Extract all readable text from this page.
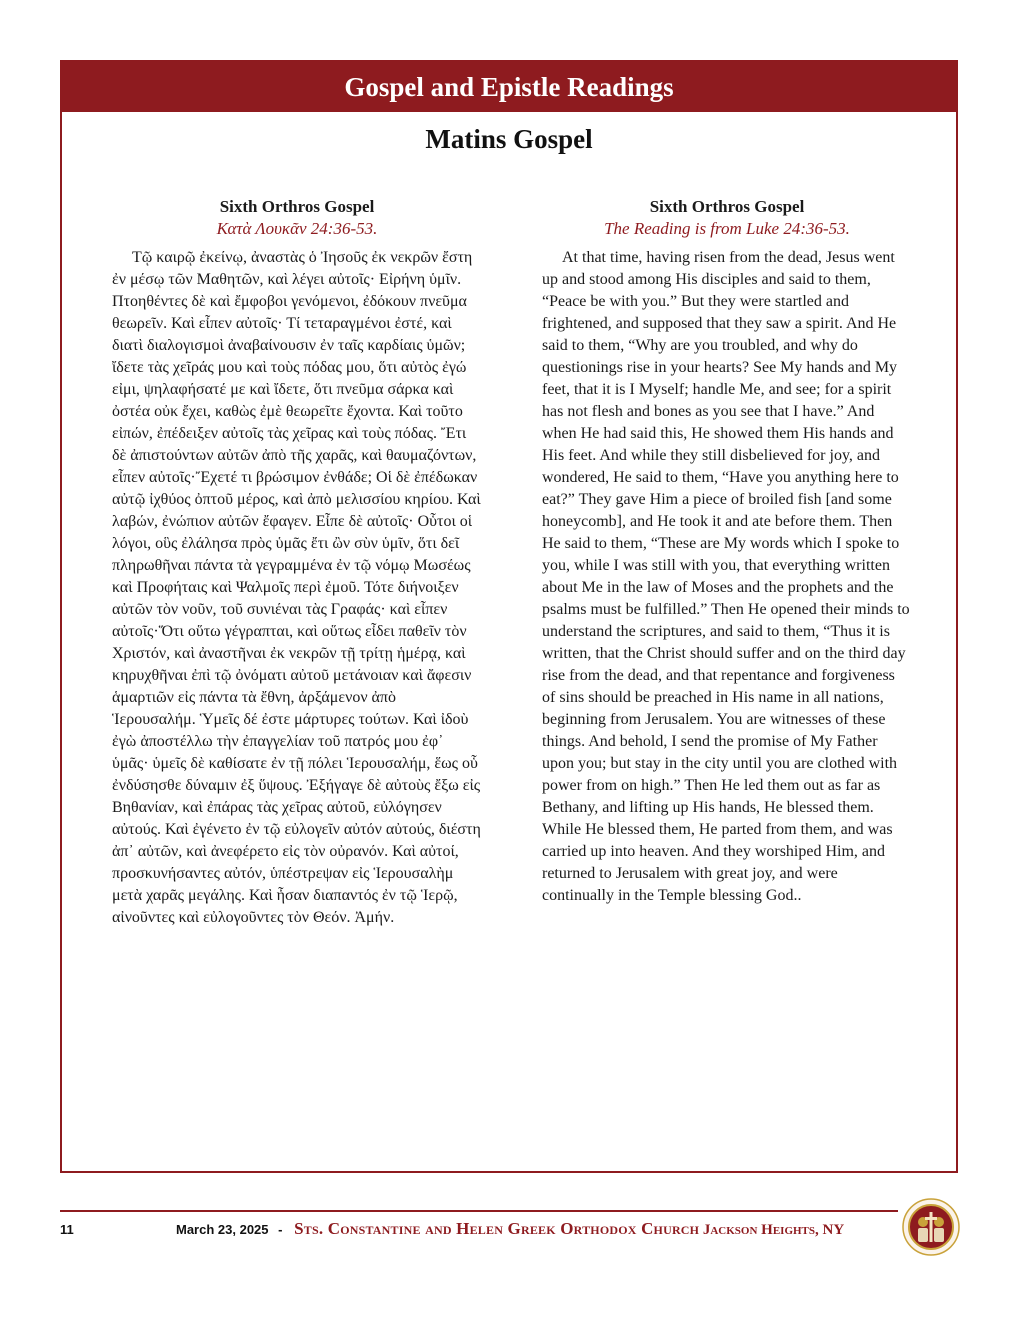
Gospel and Epistle Readings
Matins Gospel
Sixth Orthros Gospel
Κατὰ Λουκᾶν 24:36-53.

Τῷ καιρῷ ἐκείνῳ, ἀναστὰς ὁ Ἰησοῦς ἐκ νεκρῶν ἔστη ἐν μέσῳ τῶν Μαθητῶν, καὶ λέγει αὐτοῖς· Εἰρήνη ὑμῖν. Πτοηθέντες δὲ καὶ ἔμφοβοι γενόμενοι, ἐδόκουν πνεῦμα θεωρεῖν. Καὶ εἶπεν αὐτοῖς· Τί τεταραγμένοι ἐστέ, καὶ διατὶ διαλογισμοὶ ἀναβαίνουσιν ἐν ταῖς καρδίαις ὑμῶν; ἴδετε τὰς χεῖράς μου καὶ τοὺς πόδας μου, ὅτι αὐτὸς ἐγώ εἰμι, ψηλαφήσατέ με καὶ ἴδετε, ὅτι πνεῦμα σάρκα καὶ ὀστέα οὐκ ἔχει, καθὼς ἐμὲ θεωρεῖτε ἔχοντα. Καὶ τοῦτο εἰπών, ἐπέδειξεν αὐτοῖς τὰς χεῖρας καὶ τοὺς πόδας. Ἔτι δὲ ἀπιστούντων αὐτῶν ἀπὸ τῆς χαρᾶς, καὶ θαυμαζόντων, εἶπεν αὐτοῖς·Ἔχετέ τι βρώσιμον ἐνθάδε; Οἱ δὲ ἐπέδωκαν αὐτῷ ἰχθύος ὀπτοῦ μέρος, καὶ ἀπὸ μελισσίου κηρίου. Καὶ λαβών, ἐνώπιον αὐτῶν ἔφαγεν. Εἶπε δὲ αὐτοῖς· Οὗτοι οἱ λόγοι, οὓς ἐλάλησα πρὸς ὑμᾶς ἔτι ὢν σὺν ὑμῖν, ὅτι δεῖ πληρωθῆναι πάντα τὰ γεγραμμένα ἐν τῷ νόμῳ Μωσέως καὶ Προφήταις καὶ Ψαλμοῖς περὶ ἐμοῦ. Τότε διήνοιξεν αὐτῶν τὸν νοῦν, τοῦ συνιέναι τὰς Γραφάς· καὶ εἶπεν αὐτοῖς·Ὅτι οὕτω γέγραπται, καὶ οὕτως εἶδει παθεῖν τὸν Χριστόν, καὶ ἀναστῆναι ἐκ νεκρῶν τῇ τρίτῃ ἡμέρᾳ, καὶ κηρυχθῆναι ἐπὶ τῷ ὀνόματι αὐτοῦ μετάνοιαν καὶ ἄφεσιν ἁμαρτιῶν εἰς πάντα τὰ ἔθνη, ἀρξάμενον ἀπὸ Ἱερουσαλήμ. Ὑμεῖς δέ ἐστε μάρτυρες τούτων. Καὶ ἰδοὺ ἐγὼ ἀποστέλλω τὴν ἐπαγγελίαν τοῦ πατρός μου ἐφ᾽ ὑμᾶς· ὑμεῖς δὲ καθίσατε ἐν τῇ πόλει Ἱερουσαλήμ, ἕως οὗ ἐνδύσησθε δύναμιν ἐξ ὕψους. Ἐξήγαγε δὲ αὐτοὺς ἔξω εἰς Βηθανίαν, καὶ ἐπάρας τὰς χεῖρας αὐτοῦ, εὐλόγησεν αὐτούς. Καὶ ἐγένετο ἐν τῷ εὐλογεῖν αὐτόν αὐτούς, διέστη ἀπ᾽ αὐτῶν, καὶ ἀνεφέρετο εἰς τὸν οὐρανόν. Καὶ αὐτοί, προσκυνήσαντες αὐτόν, ὑπέστρεψαν εἰς Ἱερουσαλὴμ μετὰ χαρᾶς μεγάλης. Καὶ ἦσαν διαπαντός ἐν τῷ Ἱερῷ, αἰνοῦντες καὶ εὐλογοῦντες τὸν Θεόν. Ἀμήν.

Sixth Orthros Gospel
The Reading is from Luke 24:36-53.

At that time, having risen from the dead, Jesus went up and stood among His disciples and said to them, “Peace be with you.” But they were startled and frightened, and supposed that they saw a spirit. And He said to them, “Why are you troubled, and why do questionings rise in your hearts? See My hands and My feet, that it is I Myself; handle Me, and see; for a spirit has not flesh and bones as you see that I have.” And when He had said this, He showed them His hands and His feet. And while they still disbelieved for joy, and wondered, He said to them, “Have you anything here to eat?” They gave Him a piece of broiled fish [and some honeycomb], and He took it and ate before them. Then He said to them, “These are My words which I spoke to you, while I was still with you, that everything written about Me in the law of Moses and the prophets and the psalms must be fulfilled.” Then He opened their minds to understand the scriptures, and said to them, “Thus it is written, that the Christ should suffer and on the third day rise from the dead, and that repentance and forgiveness of sins should be preached in His name in all nations, beginning from Jerusalem. You are witnesses of these things. And behold, I send the promise of My Father upon you; but stay in the city until you are clothed with power from on high.” Then He led them out as far as Bethany, and lifting up His hands, He blessed them. While He blessed them, He parted from them, and was carried up into heaven. And they worshiped Him, and returned to Jerusalem with great joy, and were continually in the Temple blessing God..

11	March 23, 2025 - Sts. Constantine and Helen Greek Orthodox Church Jackson Heights, NY
